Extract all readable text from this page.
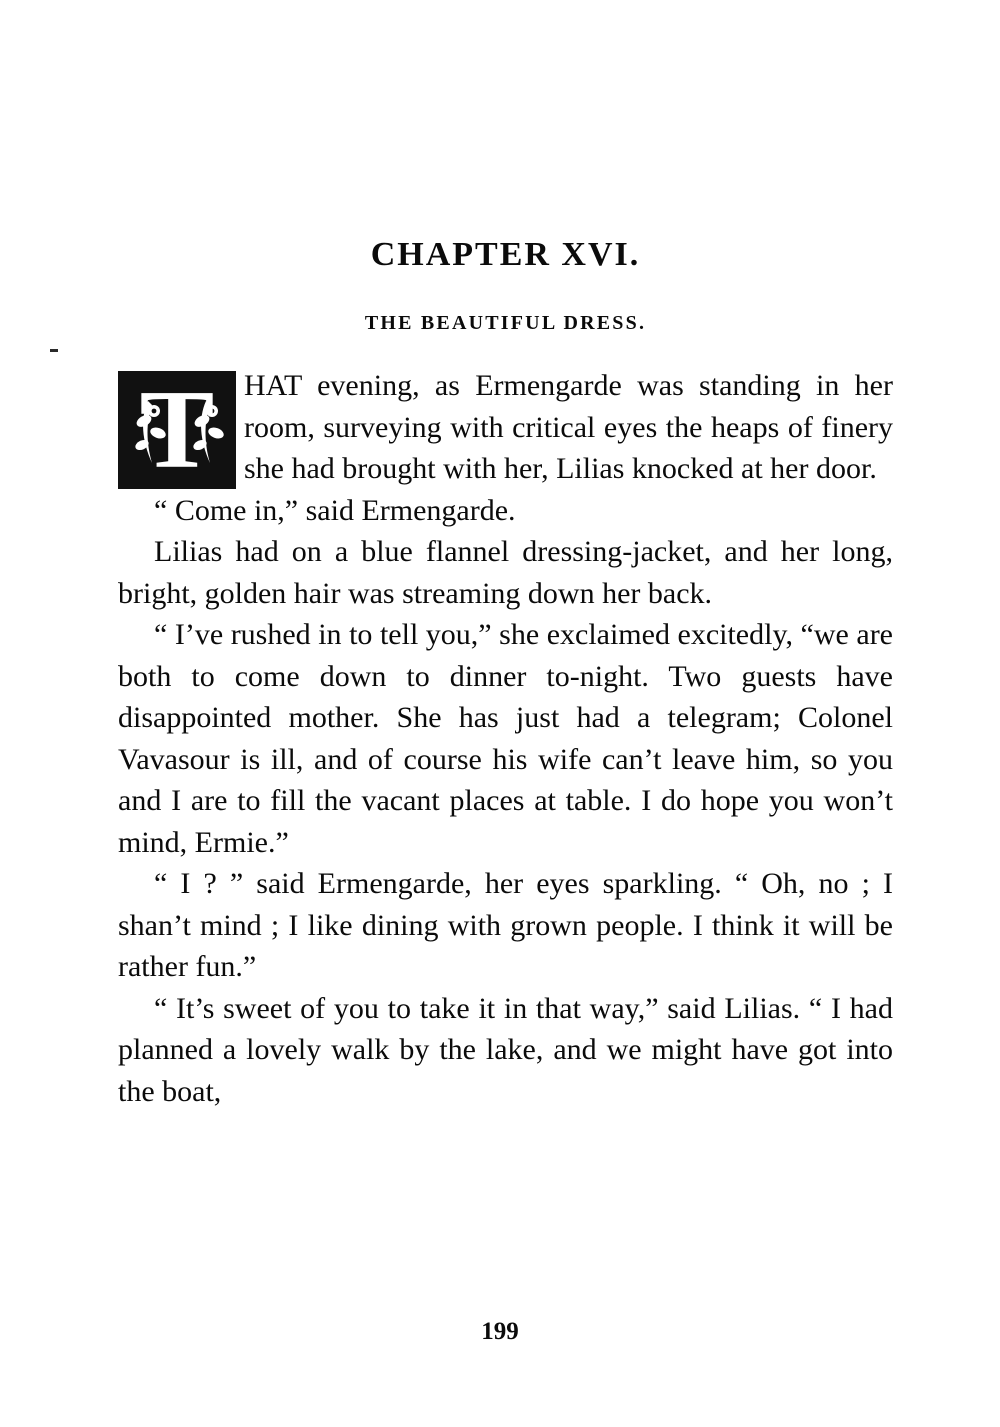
CHAPTER XVI.
THE BEAUTIFUL DRESS.
T HAT evening, as Ermengarde was standing in her room, surveying with critical eyes the heaps of finery she had brought with her, Lilias knocked at her door.

“ Come in,” said Ermengarde.

Lilias had on a blue flannel dressing-jacket, and her long, bright, golden hair was streaming down her back.

“ I’ve rushed in to tell you,” she exclaimed excitedly, “we are both to come down to dinner to-night. Two guests have disappointed mother. She has just had a telegram; Colonel Vavasour is ill, and of course his wife can’t leave him, so you and I are to fill the vacant places at table. I do hope you won’t mind, Ermie.”

“ I ? ” said Ermengarde, her eyes sparkling. “ Oh, no ; I shan’t mind ; I like dining with grown people. I think it will be rather fun.”

“ It’s sweet of you to take it in that way,” said Lilias. “ I had planned a lovely walk by the lake, and we might have got into the boat,

199
